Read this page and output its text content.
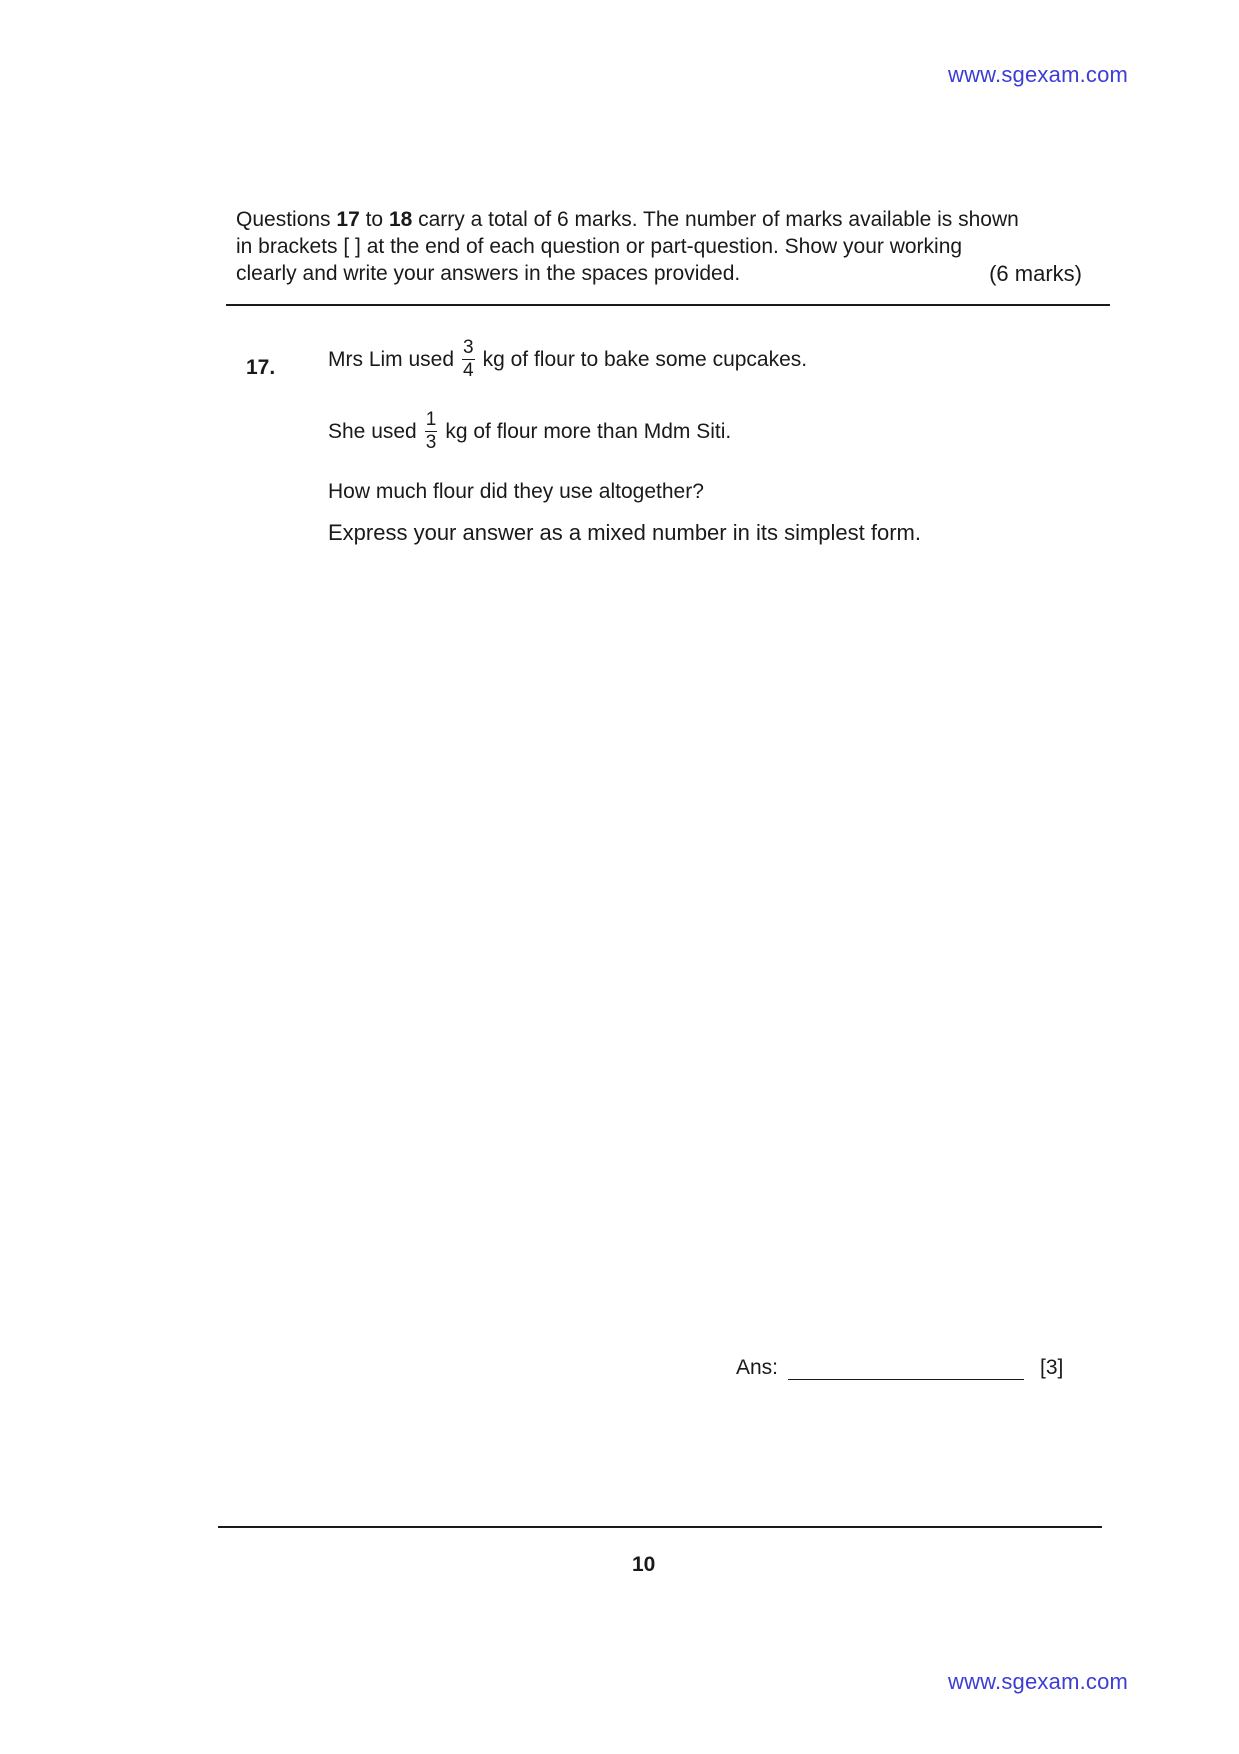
www.sgexam.com

Questions 17 to 18 carry a total of 6 marks. The number of marks available is shown

in brackets [ ] at the end of each question or part-question. Show your working

clearly and write your answers in the spaces provided.	(6 marks)

17.	Mrs Lim used $\frac{3}{4}$ kg of flour to bake some cupcakes.
She used $\frac{1}{3}$ kg of flour more than Mdm Siti.
How much flour did they use altogether?
Express your answer as a mixed number in its simplest form.
Ans:	[3]
10
www.sgexam.com
